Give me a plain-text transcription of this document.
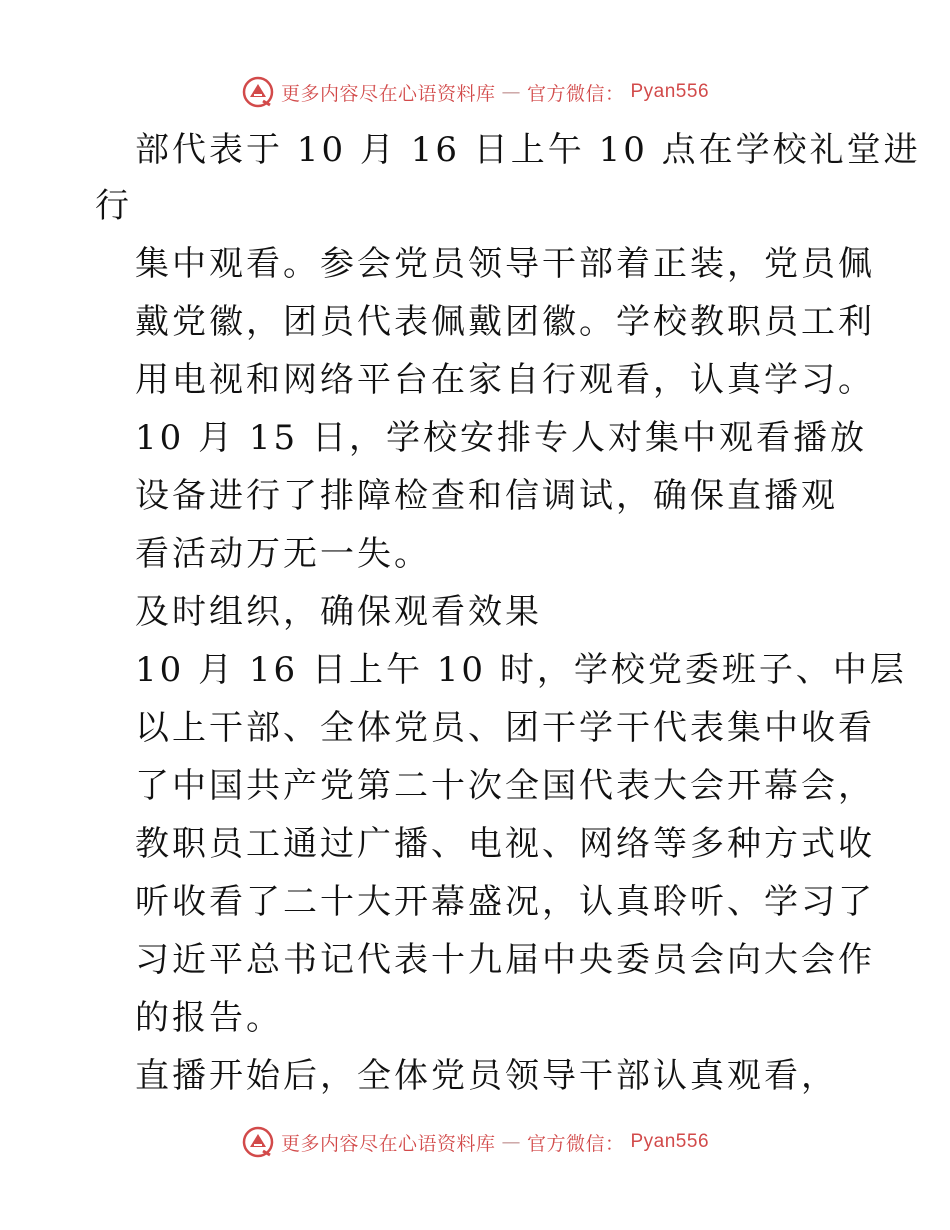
更多内容尽在心语资料库 — 官方微信： Pyan556
部代表于 10 月 16 日上午 10 点在学校礼堂进
行
集中观看。参会党员领导干部着正装，党员佩
戴党徽，团员代表佩戴团徽。学校教职员工利
用电视和网络平台在家自行观看，认真学习。
10 月 15 日，学校安排专人对集中观看播放
设备进行了排障检查和信调试，确保直播观
看活动万无一失。
及时组织，确保观看效果
10 月 16 日上午 10 时，学校党委班子、中层
以上干部、全体党员、团干学干代表集中收看
了中国共产党第二十次全国代表大会开幕会，
教职员工通过广播、电视、网络等多种方式收
听收看了二十大开幕盛况，认真聆听、学习了
习近平总书记代表十九届中央委员会向大会作
的报告。
直播开始后，全体党员领导干部认真观看，
更多内容尽在心语资料库 — 官方微信： Pyan556
